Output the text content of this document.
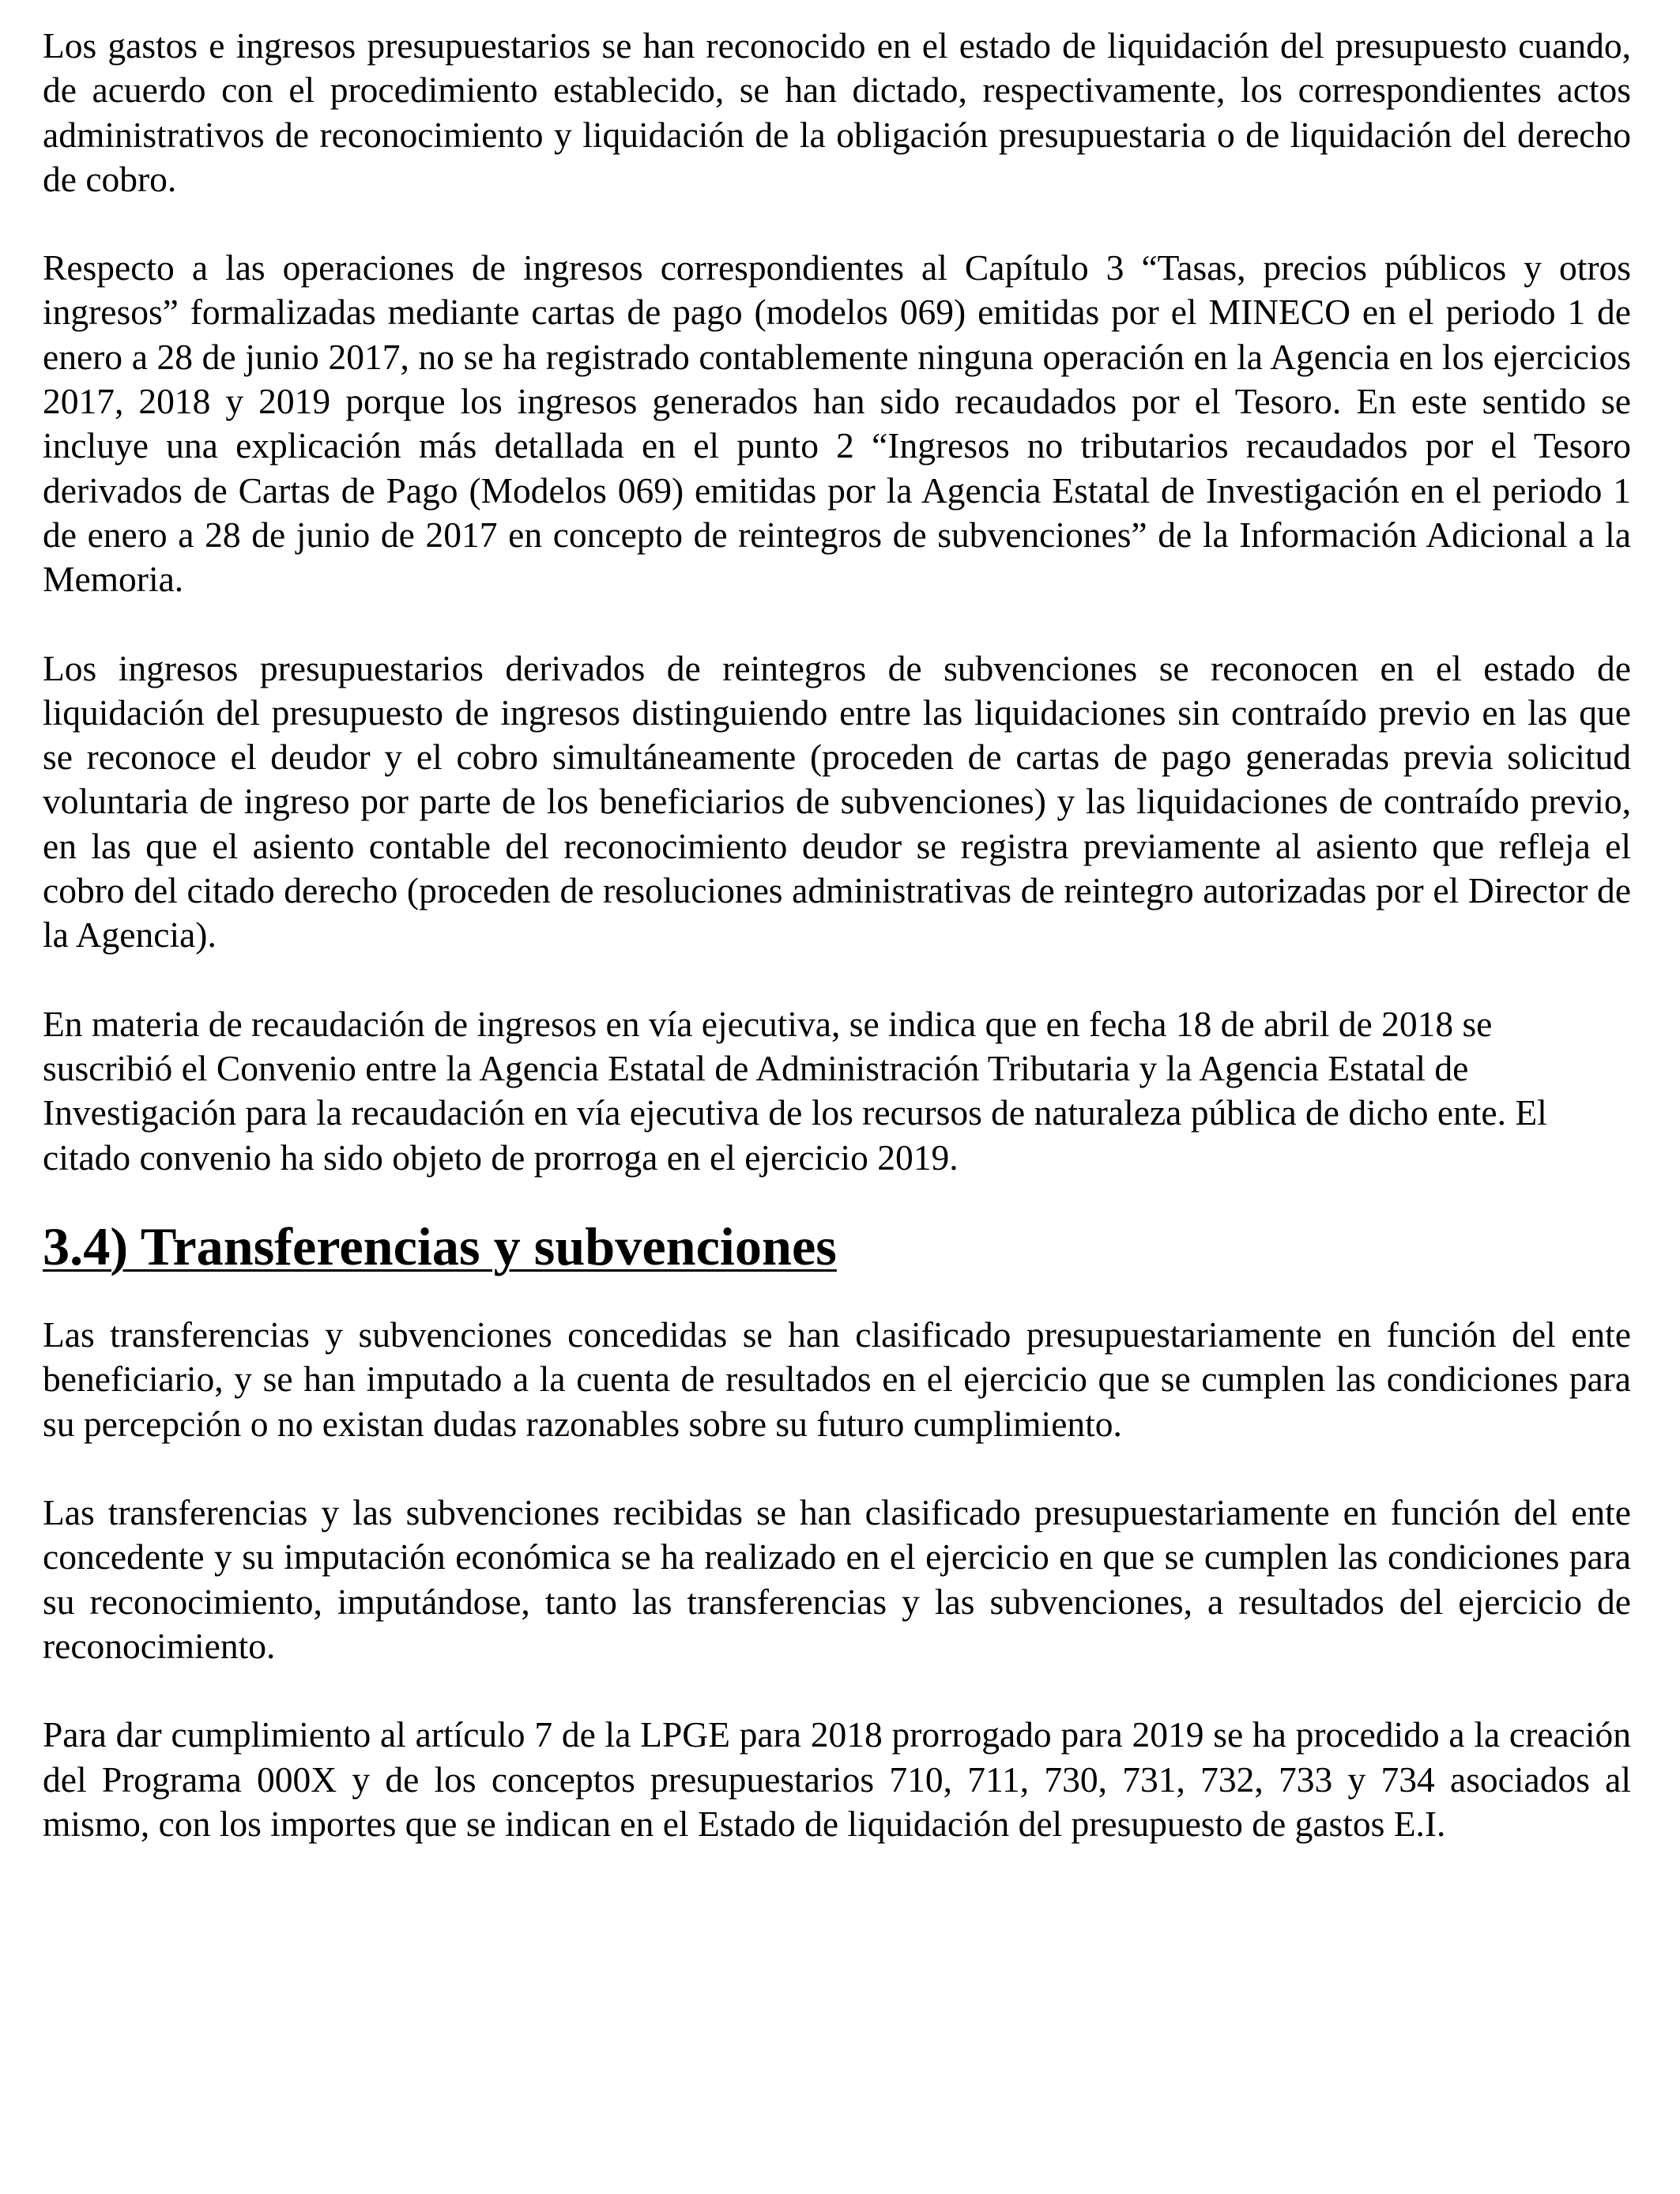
Los gastos e ingresos presupuestarios se han reconocido en el estado de liquidación del presupuesto cuando, de acuerdo con el procedimiento establecido, se han dictado, respectivamente, los correspondientes actos administrativos de reconocimiento y liquidación de la obligación presupuestaria o de liquidación del derecho de cobro.

Respecto a las operaciones de ingresos correspondientes al Capítulo 3 “Tasas, precios públicos y otros ingresos” formalizadas mediante cartas de pago (modelos 069) emitidas por el MINECO en el periodo 1 de enero a 28 de junio 2017, no se ha registrado contablemente ninguna operación en la Agencia en los ejercicios 2017, 2018 y 2019 porque los ingresos generados han sido recaudados por el Tesoro. En este sentido se incluye una explicación más detallada en el punto 2 “Ingresos no tributarios recaudados por el Tesoro derivados de Cartas de Pago (Modelos 069) emitidas por la Agencia Estatal de Investigación en el periodo 1 de enero a 28 de junio de 2017 en concepto de reintegros de subvenciones” de la Información Adicional a la Memoria.

Los ingresos presupuestarios derivados de reintegros de subvenciones se reconocen en el estado de liquidación del presupuesto de ingresos distinguiendo entre las liquidaciones sin contraído previo en las que se reconoce el deudor y el cobro simultáneamente (proceden de cartas de pago generadas previa solicitud voluntaria de ingreso por parte de los beneficiarios de subvenciones) y las liquidaciones de contraído previo, en las que el asiento contable del reconocimiento deudor se registra previamente al asiento que refleja el cobro del citado derecho (proceden de resoluciones administrativas de reintegro autorizadas por el Director de la Agencia).

En materia de recaudación de ingresos en vía ejecutiva, se indica que en fecha 18 de abril de 2018 se suscribió el Convenio entre la Agencia Estatal de Administración Tributaria y la Agencia Estatal de Investigación para la recaudación en vía ejecutiva de los recursos de naturaleza pública de dicho ente. El citado convenio ha sido objeto de prorroga en el ejercicio 2019.

3.4) Transferencias y subvenciones

Las transferencias y subvenciones concedidas se han clasificado presupuestariamente en función del ente beneficiario, y se han imputado a la cuenta de resultados en el ejercicio que se cumplen las condiciones para su percepción o no existan dudas razonables sobre su futuro cumplimiento.

Las transferencias y las subvenciones recibidas se han clasificado presupuestariamente en función del ente concedente y su imputación económica se ha realizado en el ejercicio en que se cumplen las condiciones para su reconocimiento, imputándose, tanto las transferencias y las subvenciones, a resultados del ejercicio de reconocimiento.

Para dar cumplimiento al artículo 7 de la LPGE para 2018 prorrogado para 2019 se ha procedido a la creación del Programa 000X y de los conceptos presupuestarios 710, 711, 730, 731, 732, 733 y 734 asociados al mismo, con los importes que se indican en el Estado de liquidación del presupuesto de gastos E.I.
